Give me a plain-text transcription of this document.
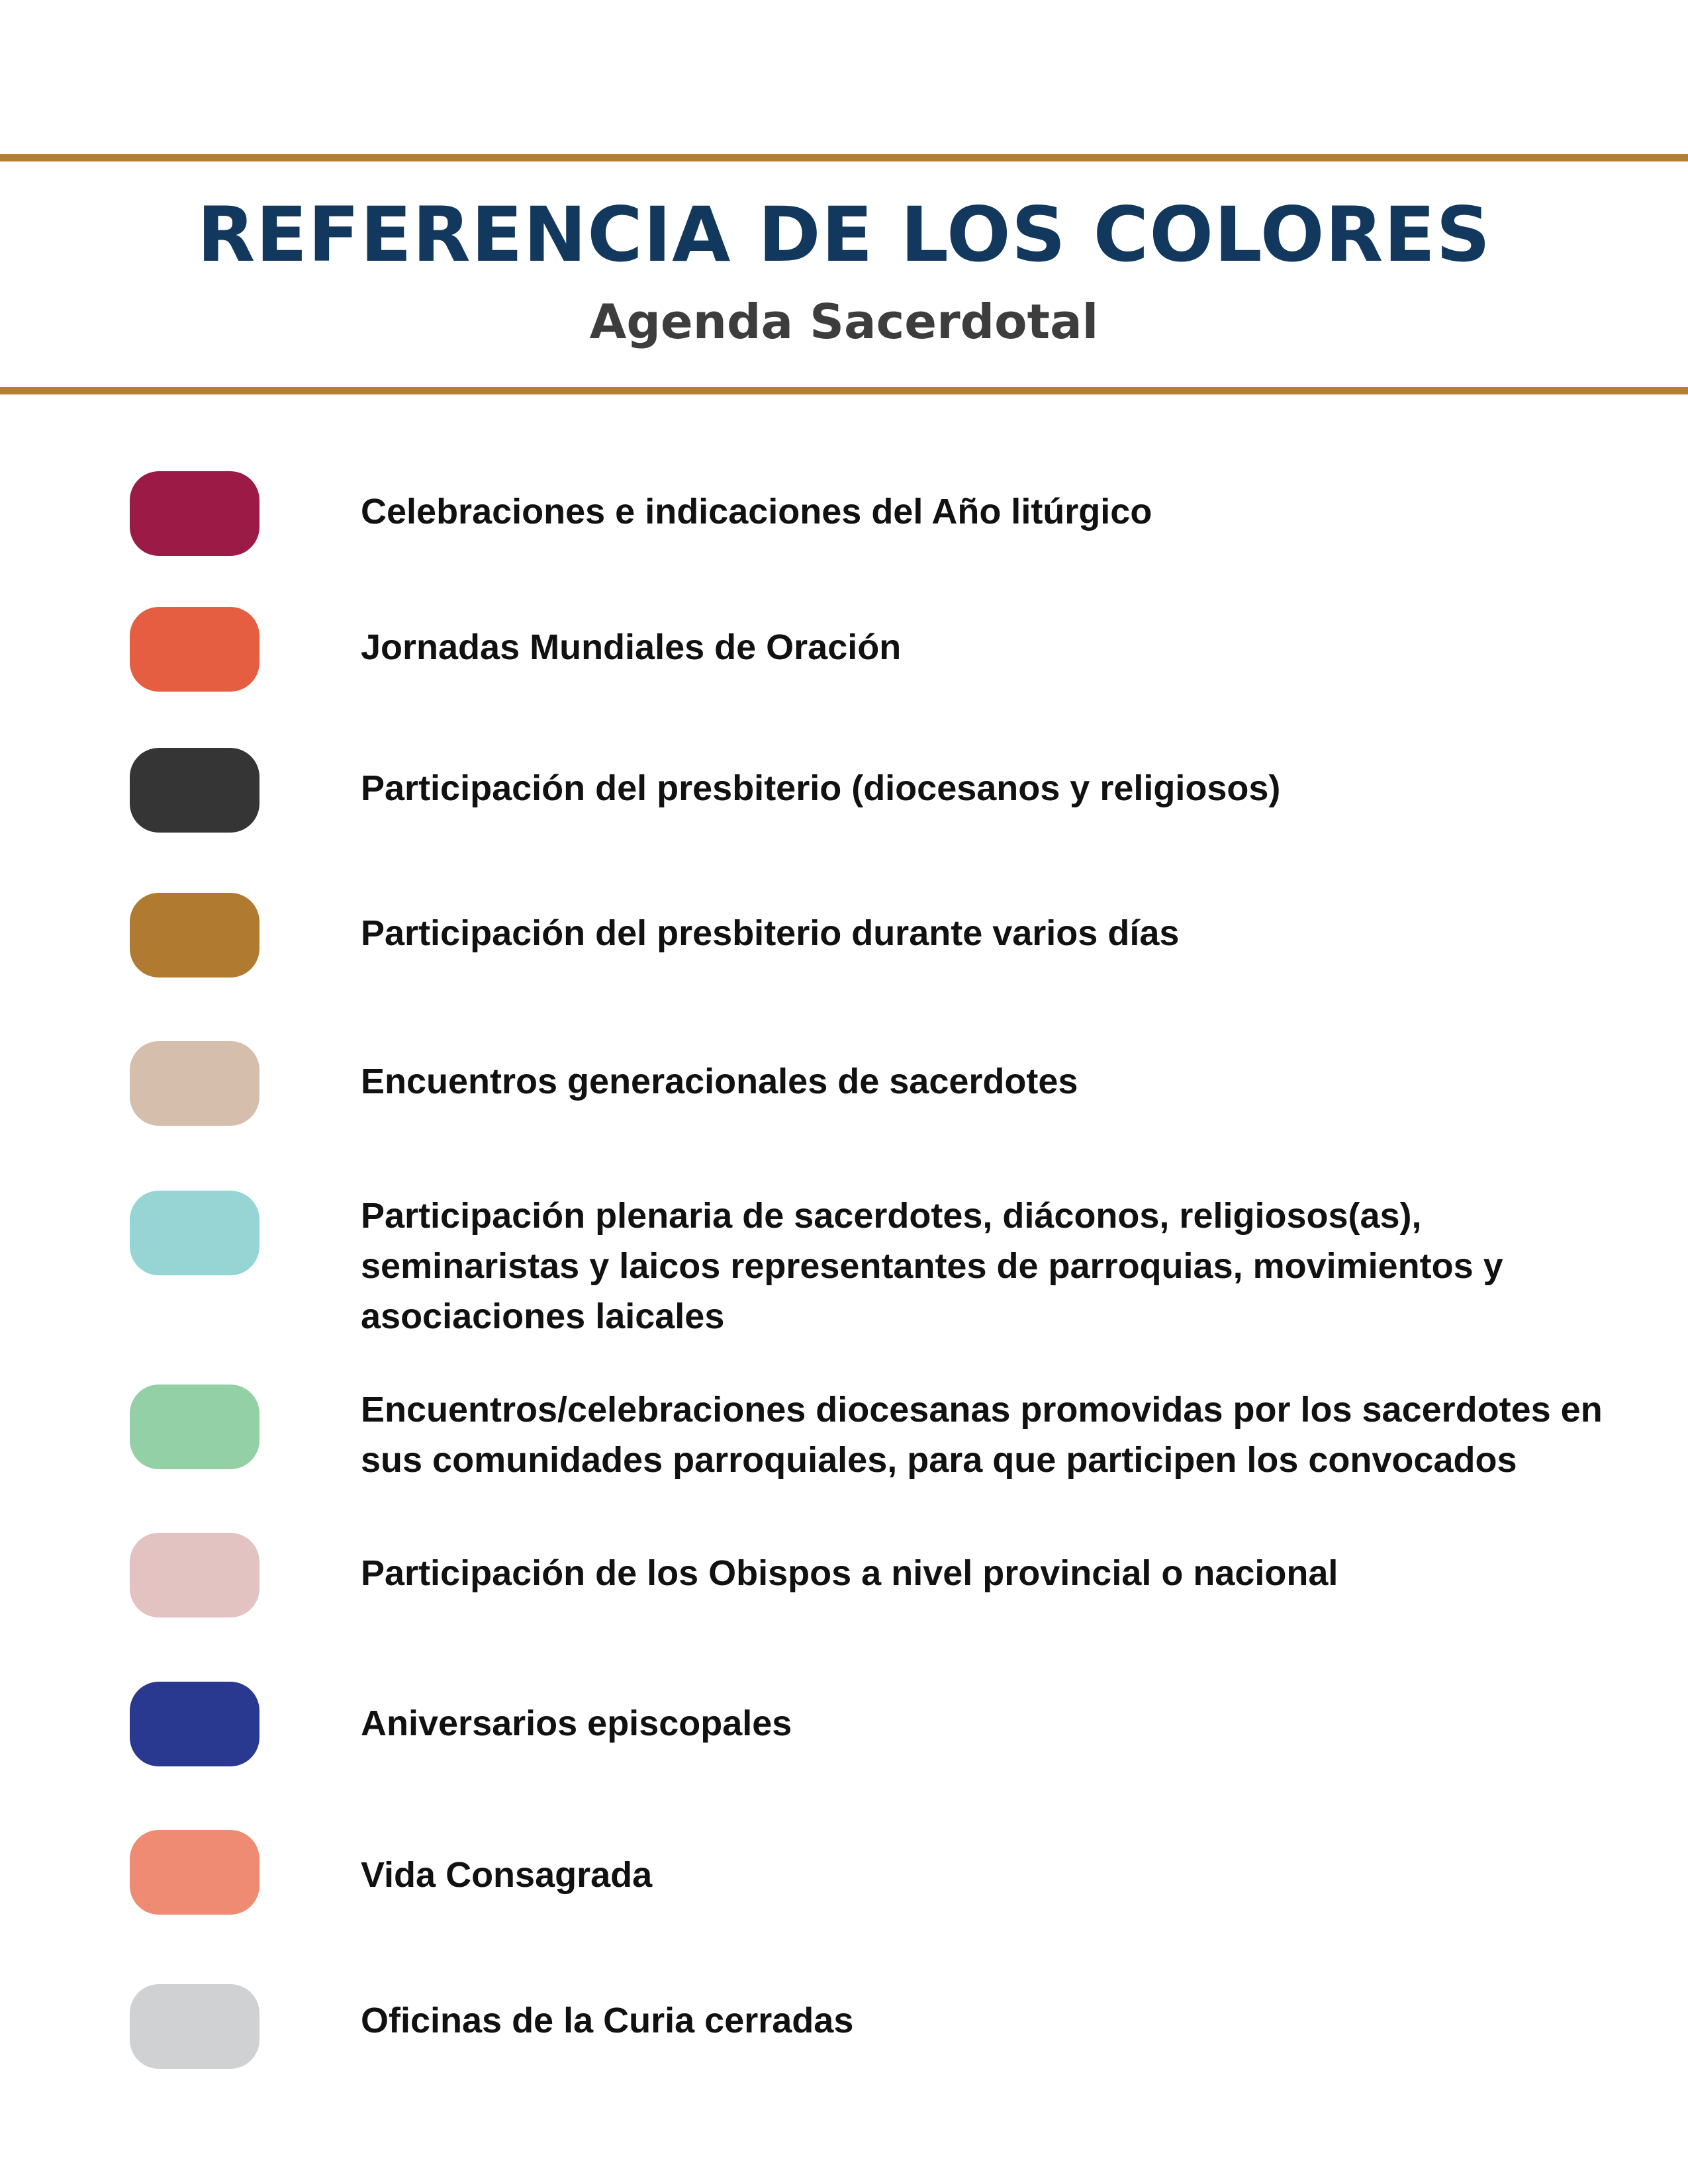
REFERENCIA DE LOS COLORES
Agenda Sacerdotal
Celebraciones e indicaciones del Año litúrgico
Jornadas Mundiales de Oración
Participación del presbiterio (diocesanos y religiosos)
Participación del presbiterio durante varios días
Encuentros generacionales de sacerdotes
Participación plenaria de sacerdotes, diáconos, religiosos(as), seminaristas y laicos representantes de parroquias, movimientos y asociaciones laicales
Encuentros/celebraciones diocesanas promovidas por los sacerdotes en sus comunidades parroquiales, para que participen los convocados
Participación de los Obispos a nivel provincial o nacional
Aniversarios episcopales
Vida Consagrada
Oficinas de la Curia cerradas
